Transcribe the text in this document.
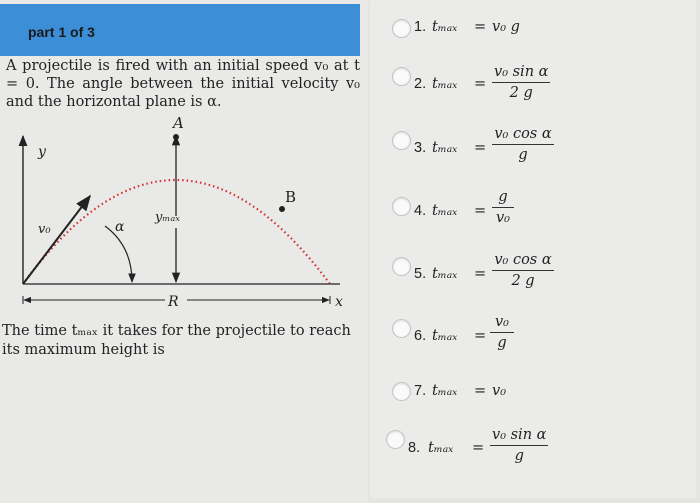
part 1 of 3

A projectile is fired with an initial speed v₀ at t = 0. The angle between the initial velocity v₀ and the horizontal plane is α.

A
B
y
x
v₀	α
yₘₐₓ
R

The time tₘₐₓ it takes for the projectile to reach its maximum height is

1. tₘₐₓ = v₀ g
2. tₘₐₓ =
v₀ sin α
2 g
3. tₘₐₓ =
v₀ cos α
g
4. tₘₐₓ =
g
v₀
5. tₘₐₓ =
v₀ cos α
2 g
6. tₘₐₓ =
v₀
g
7. tₘₐₓ = v₀
8. tₘₐₓ =
v₀ sin α
g
